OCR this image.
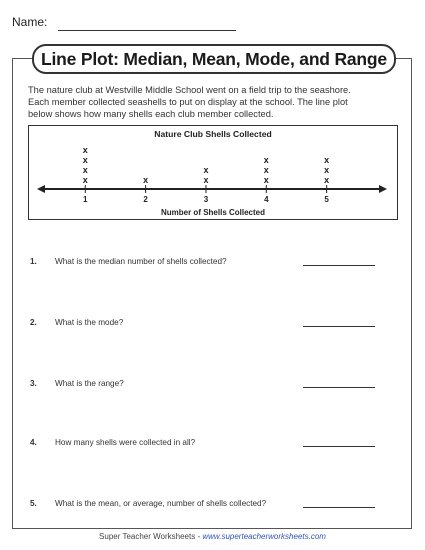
Name:
Line Plot: Median, Mean, Mode, and Range

The nature club at Westville Middle School went on a field trip to the seashore.

Each member collected seashells to put on display at the school. The line plot

below shows how many shells each club member collected.

Nature Club Shells Collected
1
x
x
x
x
2
x
3
x
x
4
x
x
x
5
x
x
x
Number of Shells Collected
1. What is the median number of shells collected?
2. What is the mode?
3. What is the range?
4. How many shells were collected in all?
5. What is the mean, or average, number of shells collected?
Super Teacher Worksheets - www.superteacherworksheets.com
